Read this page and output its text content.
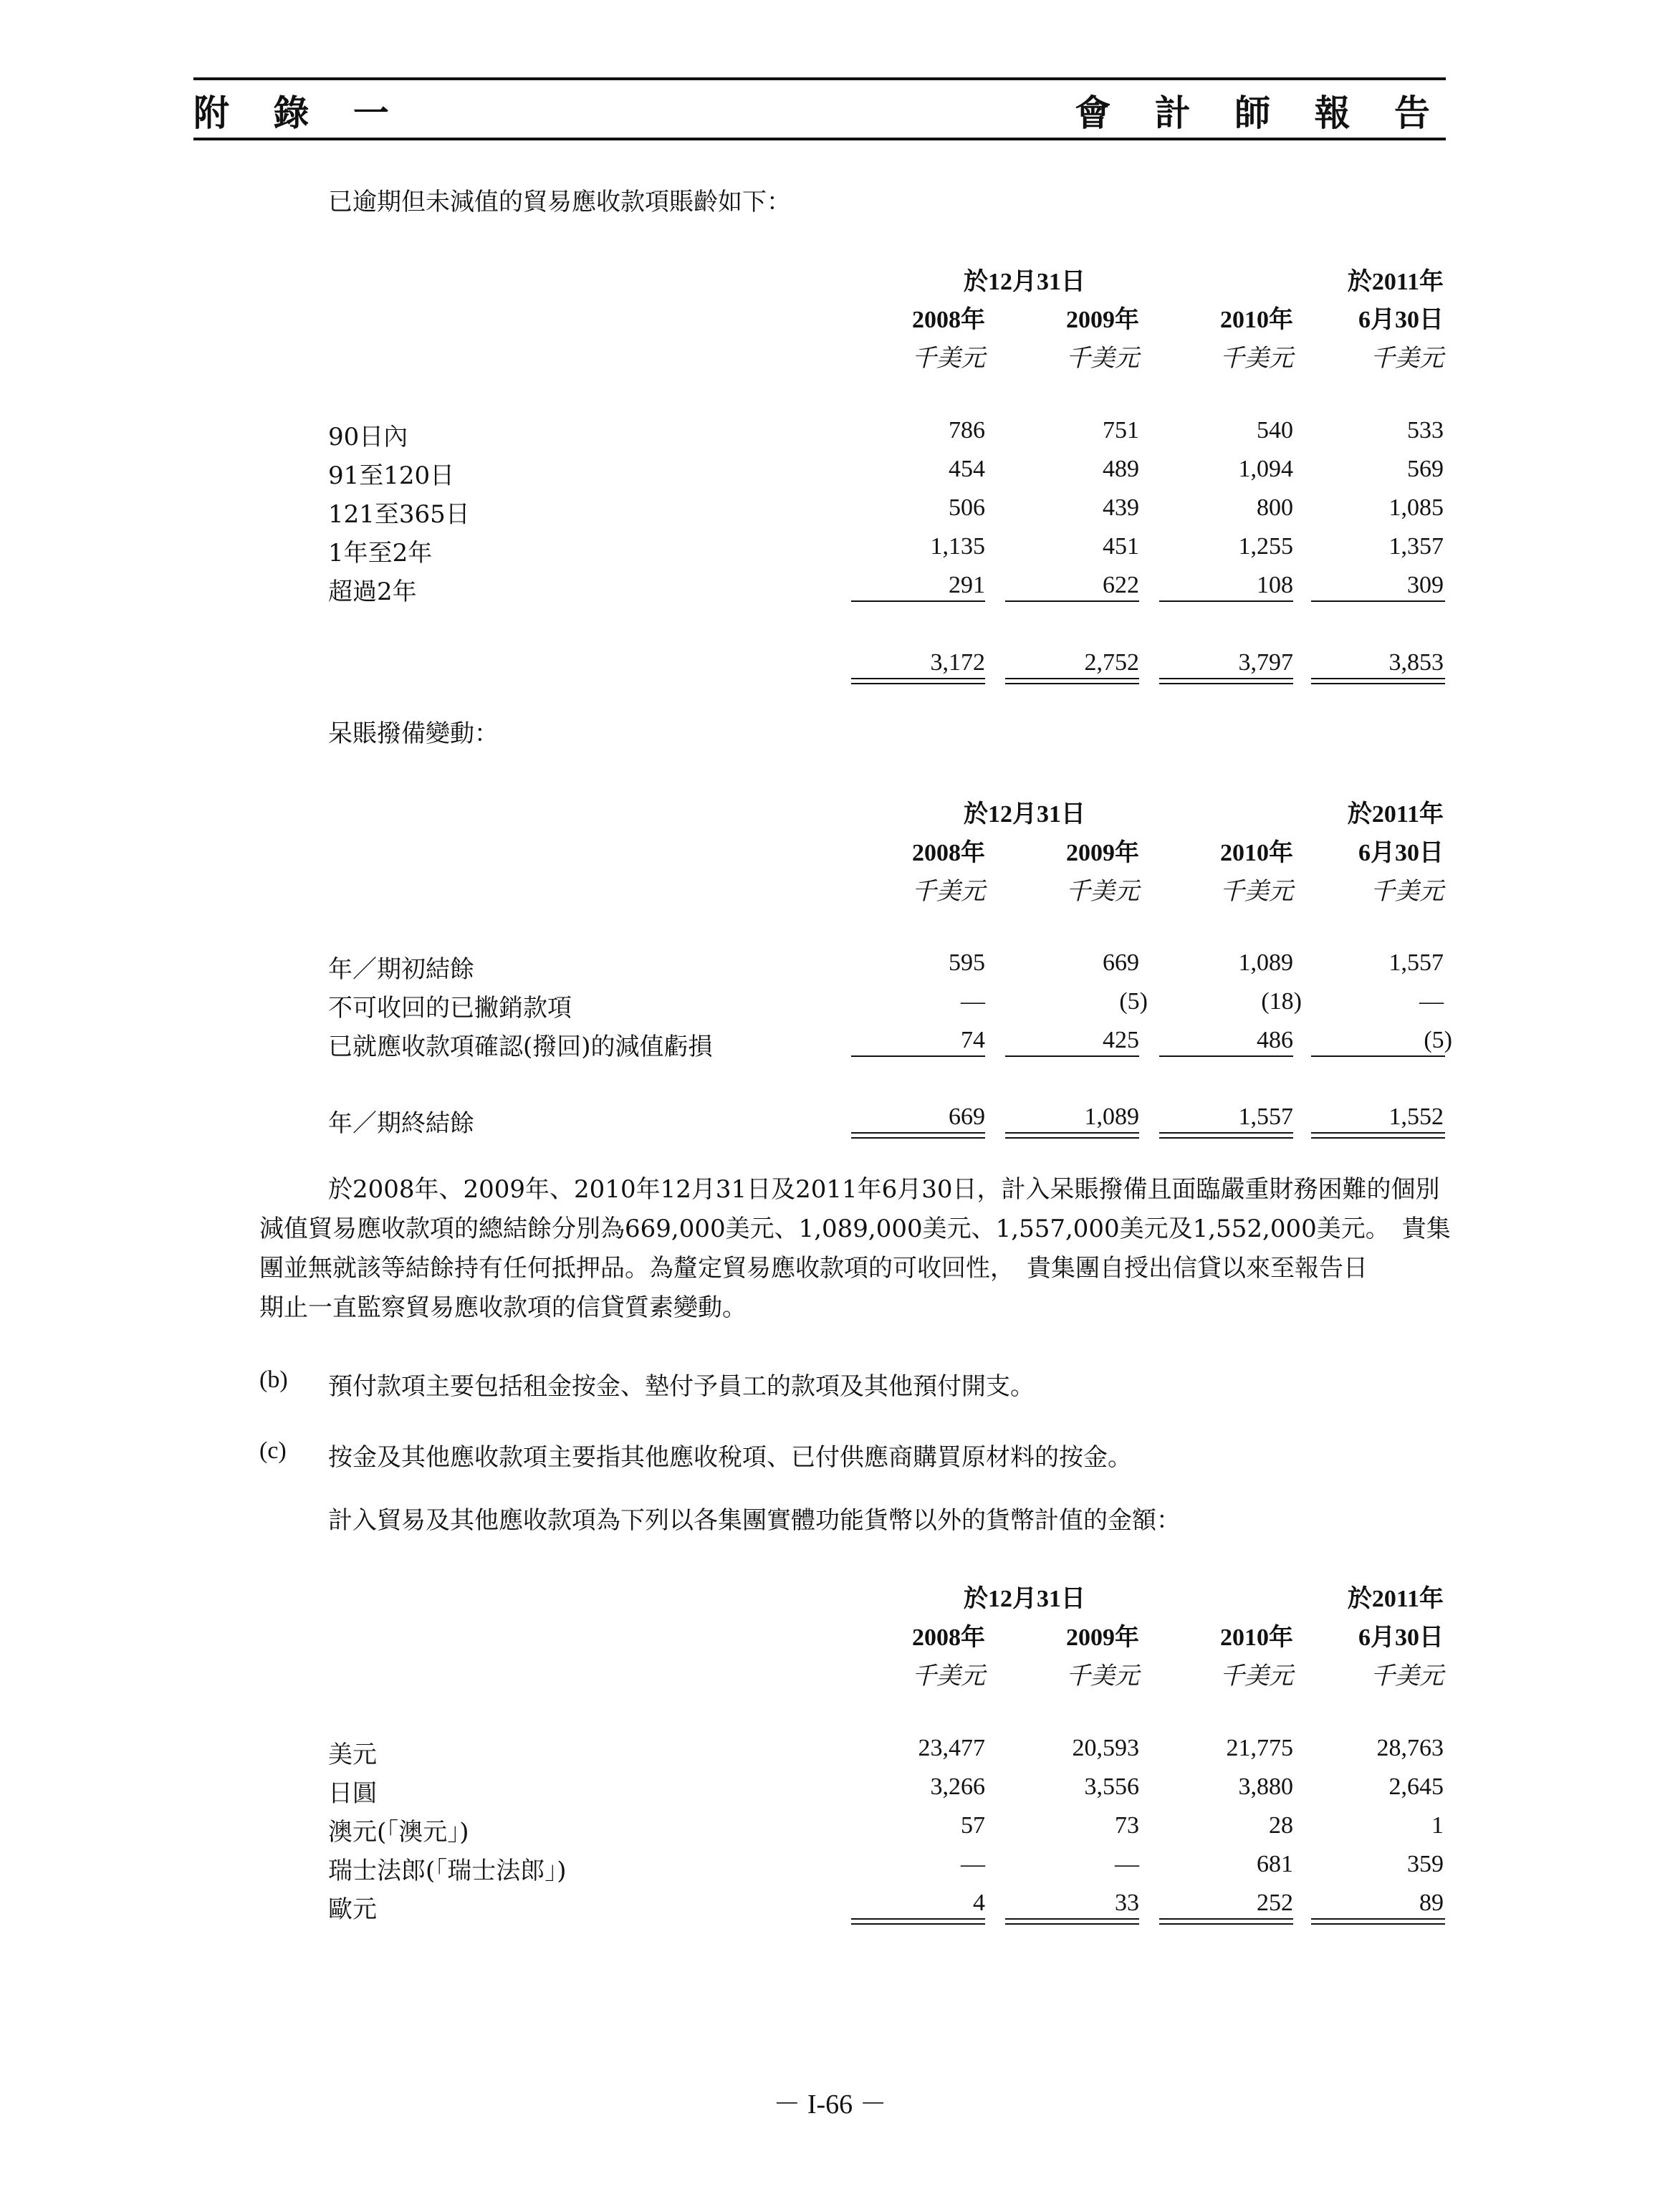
附 錄 一	會 計 師 報 告
已逾期但未減值的貿易應收款項賬齡如下：
於12月31日	於2011年
2008年	2009年	2010年	6月30日
千美元	千美元	千美元	千美元
90日內	786	751	540	533
91至120日	454	489	1,094	569
121至365日	506	439	800	1,085
1年至2年	1,135	451	1,255	1,357
超過2年	291	622	108	309
3,172	2,752	3,797	3,853
呆賬撥備變動：
於12月31日	於2011年
2008年	2009年	2010年	6月30日
千美元	千美元	千美元	千美元
年／期初結餘	595	669	1,089	1,557
不可收回的已撇銷款項	—	(5)	(18)	—
已就應收款項確認(撥回)的減值虧損	74	425	486	(5)
年／期終結餘	669	1,089	1,557	1,552
於2008年、2009年、2010年12月31日及2011年6月30日，計入呆賬撥備且面臨嚴重財務困難的個別
減值貿易應收款項的總結餘分別為669,000美元、1,089,000美元、1,557,000美元及1,552,000美元。　貴集
團並無就該等結餘持有任何抵押品。為釐定貿易應收款項的可收回性，　貴集團自授出信貸以來至報告日
期止一直監察貿易應收款項的信貸質素變動。
(b) 預付款項主要包括租金按金、墊付予員工的款項及其他預付開支。
(c) 按金及其他應收款項主要指其他應收稅項、已付供應商購買原材料的按金。
計入貿易及其他應收款項為下列以各集團實體功能貨幣以外的貨幣計值的金額：
於12月31日	於2011年
2008年	2009年	2010年	6月30日
千美元	千美元	千美元	千美元
美元	23,477	20,593	21,775	28,763
日圓	3,266	3,556	3,880	2,645
澳元(「澳元」)	57	73	28	1
瑞士法郎(「瑞士法郎」)	—	—	681	359
歐元	4	33	252	89
－ I-66 －
